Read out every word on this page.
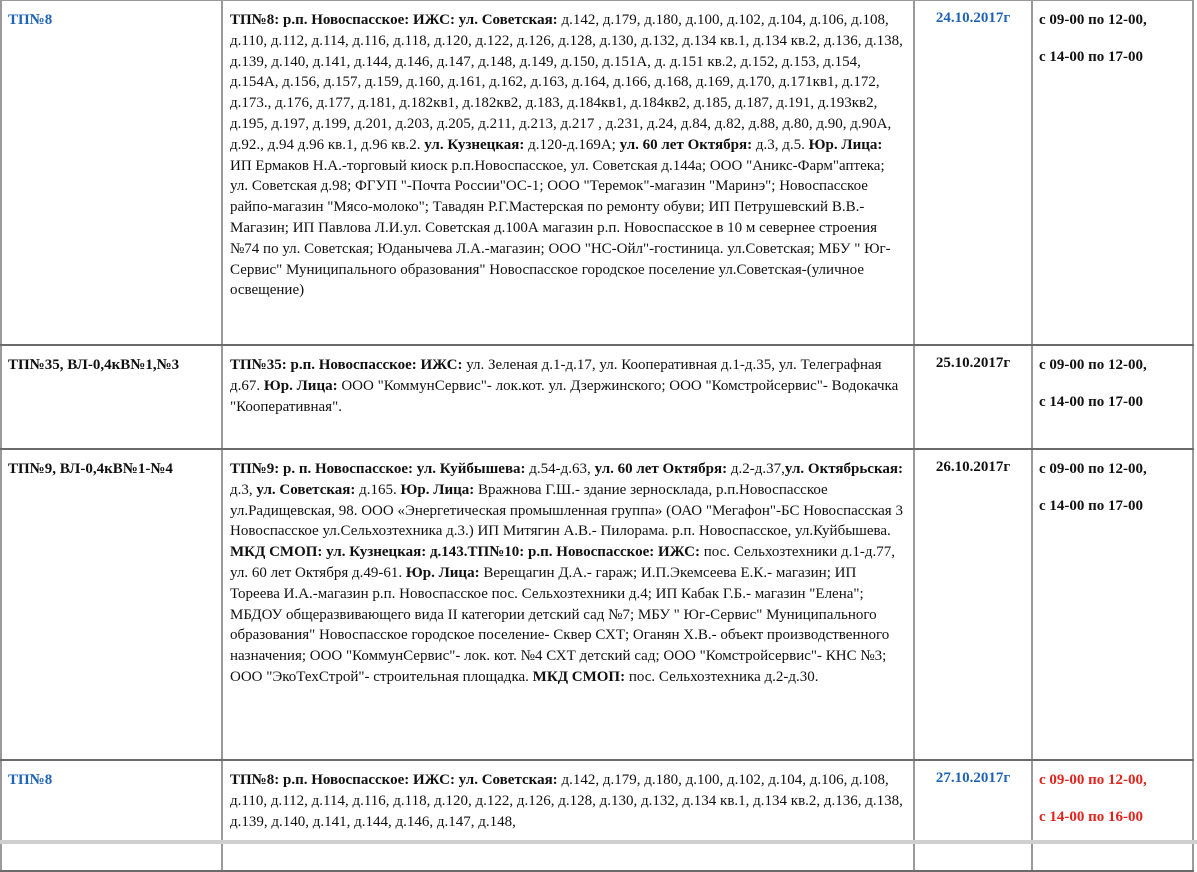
ТП№8	ТП№8: р.п. Новоспасское: ИЖС: ул. Советская: д.142, д.179, д.180, д.100, д.102, д.104, д.106, д.108, д.110, д.112, д.114, д.116, д.118, д.120, д.122, д.126, д.128, д.130, д.132, д.134 кв.1, д.134 кв.2, д.136, д.138, д.139, д.140, д.141, д.144, д.146, д.147, д.148, д.149, д.150, д.151А, д. д.151 кв.2, д.152, д.153, д.154, д.154А, д.156, д.157, д.159, д.160, д.161, д.162, д.163, д.164, д.166, д.168, д.169, д.170, д.171кв1, д.172, д.173., д.176, д.177, д.181, д.182кв1, д.182кв2, д.183, д.184кв1, д.184кв2, д.185, д.187, д.191, д.193кв2, д.195, д.197, д.199, д.201, д.203, д.205, д.211, д.213, д.217 , д.231, д.24, д.84, д.82, д.88, д.80, д.90, д.90А, д.92., д.94 д.96 кв.1, д.96 кв.2. ул. Кузнецкая: д.120-д.169А; ул. 60 лет Октября: д.3, д.5. Юр. Лица: ИП Ермаков Н.А.-торговый киоск р.п.Новоспасское, ул. Советская д.144а; ООО "Аникс-Фарм"аптека; ул. Советская д.98; ФГУП "-Почта России"ОС-1; ООО "Теремок"-магазин "Маринэ"; Новоспасское райпо-магазин "Мясо-молоко"; Тавадян Р.Г.Мастерская по ремонту обуви; ИП Петрушевский В.В.-Магазин; ИП Павлова Л.И.ул. Советская д.100А магазин р.п. Новоспасское в 10 м севернее строения №74 по ул. Советская; Юданычева Л.А.-магазин; ООО "НС-Ойл"-гостиница. ул.Советская; МБУ " Юг-Сервис" Муниципального образования" Новоспасское городское поселение ул.Советская-(уличное освещение)	24.10.2017г	с 09-00 по 12-00,
с 14-00 по 17-00

ТП№35, ВЛ-0,4кВ№1,№3	ТП№35: р.п. Новоспасское: ИЖС: ул. Зеленая д.1-д.17, ул. Кооперативная д.1-д.35, ул. Телеграфная д.67. Юр. Лица: ООО "КоммунСервис"- лок.кот. ул. Дзержинского; ООО "Комстройсервис"- Водокачка "Кооперативная".	25.10.2017г	с 09-00 по 12-00,
с 14-00 по 17-00

ТП№9, ВЛ-0,4кВ№1-№4	ТП№9: р. п. Новоспасское: ул. Куйбышева: д.54-д.63, ул. 60 лет Октября: д.2-д.37,ул. Октябрьская: д.3, ул. Советская: д.165. Юр. Лица: Вражнова Г.Ш.- здание зерносклада, р.п.Новоспасское ул.Радищевская, 98. ООО «Энергетическая промышленная группа» (ОАО "Мегафон"-БС Новоспасская 3 Новоспасское ул.Сельхозтехника д.3.) ИП Митягин А.В.- Пилорама. р.п. Новоспасское, ул.Куйбышева. МКД СМОП: ул. Кузнецкая: д.143.ТП№10: р.п. Новоспасское: ИЖС: пос. Сельхозтехники д.1-д.77, ул. 60 лет Октября д.49-61. Юр. Лица: Верещагин Д.А.- гараж; И.П.Экемсеева Е.К.- магазин; ИП Тореева И.А.-магазин р.п. Новоспасское пос. Сельхозтехники д.4; ИП Кабак Г.Б.- магазин "Елена"; МБДОУ общеразвивающего вида II категории детский сад №7; МБУ " Юг-Сервис" Муниципального образования" Новоспасское городское поселение- Сквер СХТ; Оганян Х.В.- объект производственного назначения; ООО "КоммунСервис"- лок. кот. №4 СХТ детский сад; ООО "Комстройсервис"- КНС №3; ООО "ЭкоТехСтрой"- строительная площадка. МКД СМОП: пос. Сельхозтехника д.2-д.30.	26.10.2017г	с 09-00 по 12-00,
с 14-00 по 17-00

ТП№8	ТП№8: р.п. Новоспасское: ИЖС: ул. Советская: д.142, д.179, д.180, д.100, д.102, д.104, д.106, д.108, д.110, д.112, д.114, д.116, д.118, д.120, д.122, д.126, д.128, д.130, д.132, д.134 кв.1, д.134 кв.2, д.136, д.138, д.139, д.140, д.141, д.144, д.146, д.147, д.148,	27.10.2017г	с 09-00 по 12-00,
с 14-00 по 16-00
